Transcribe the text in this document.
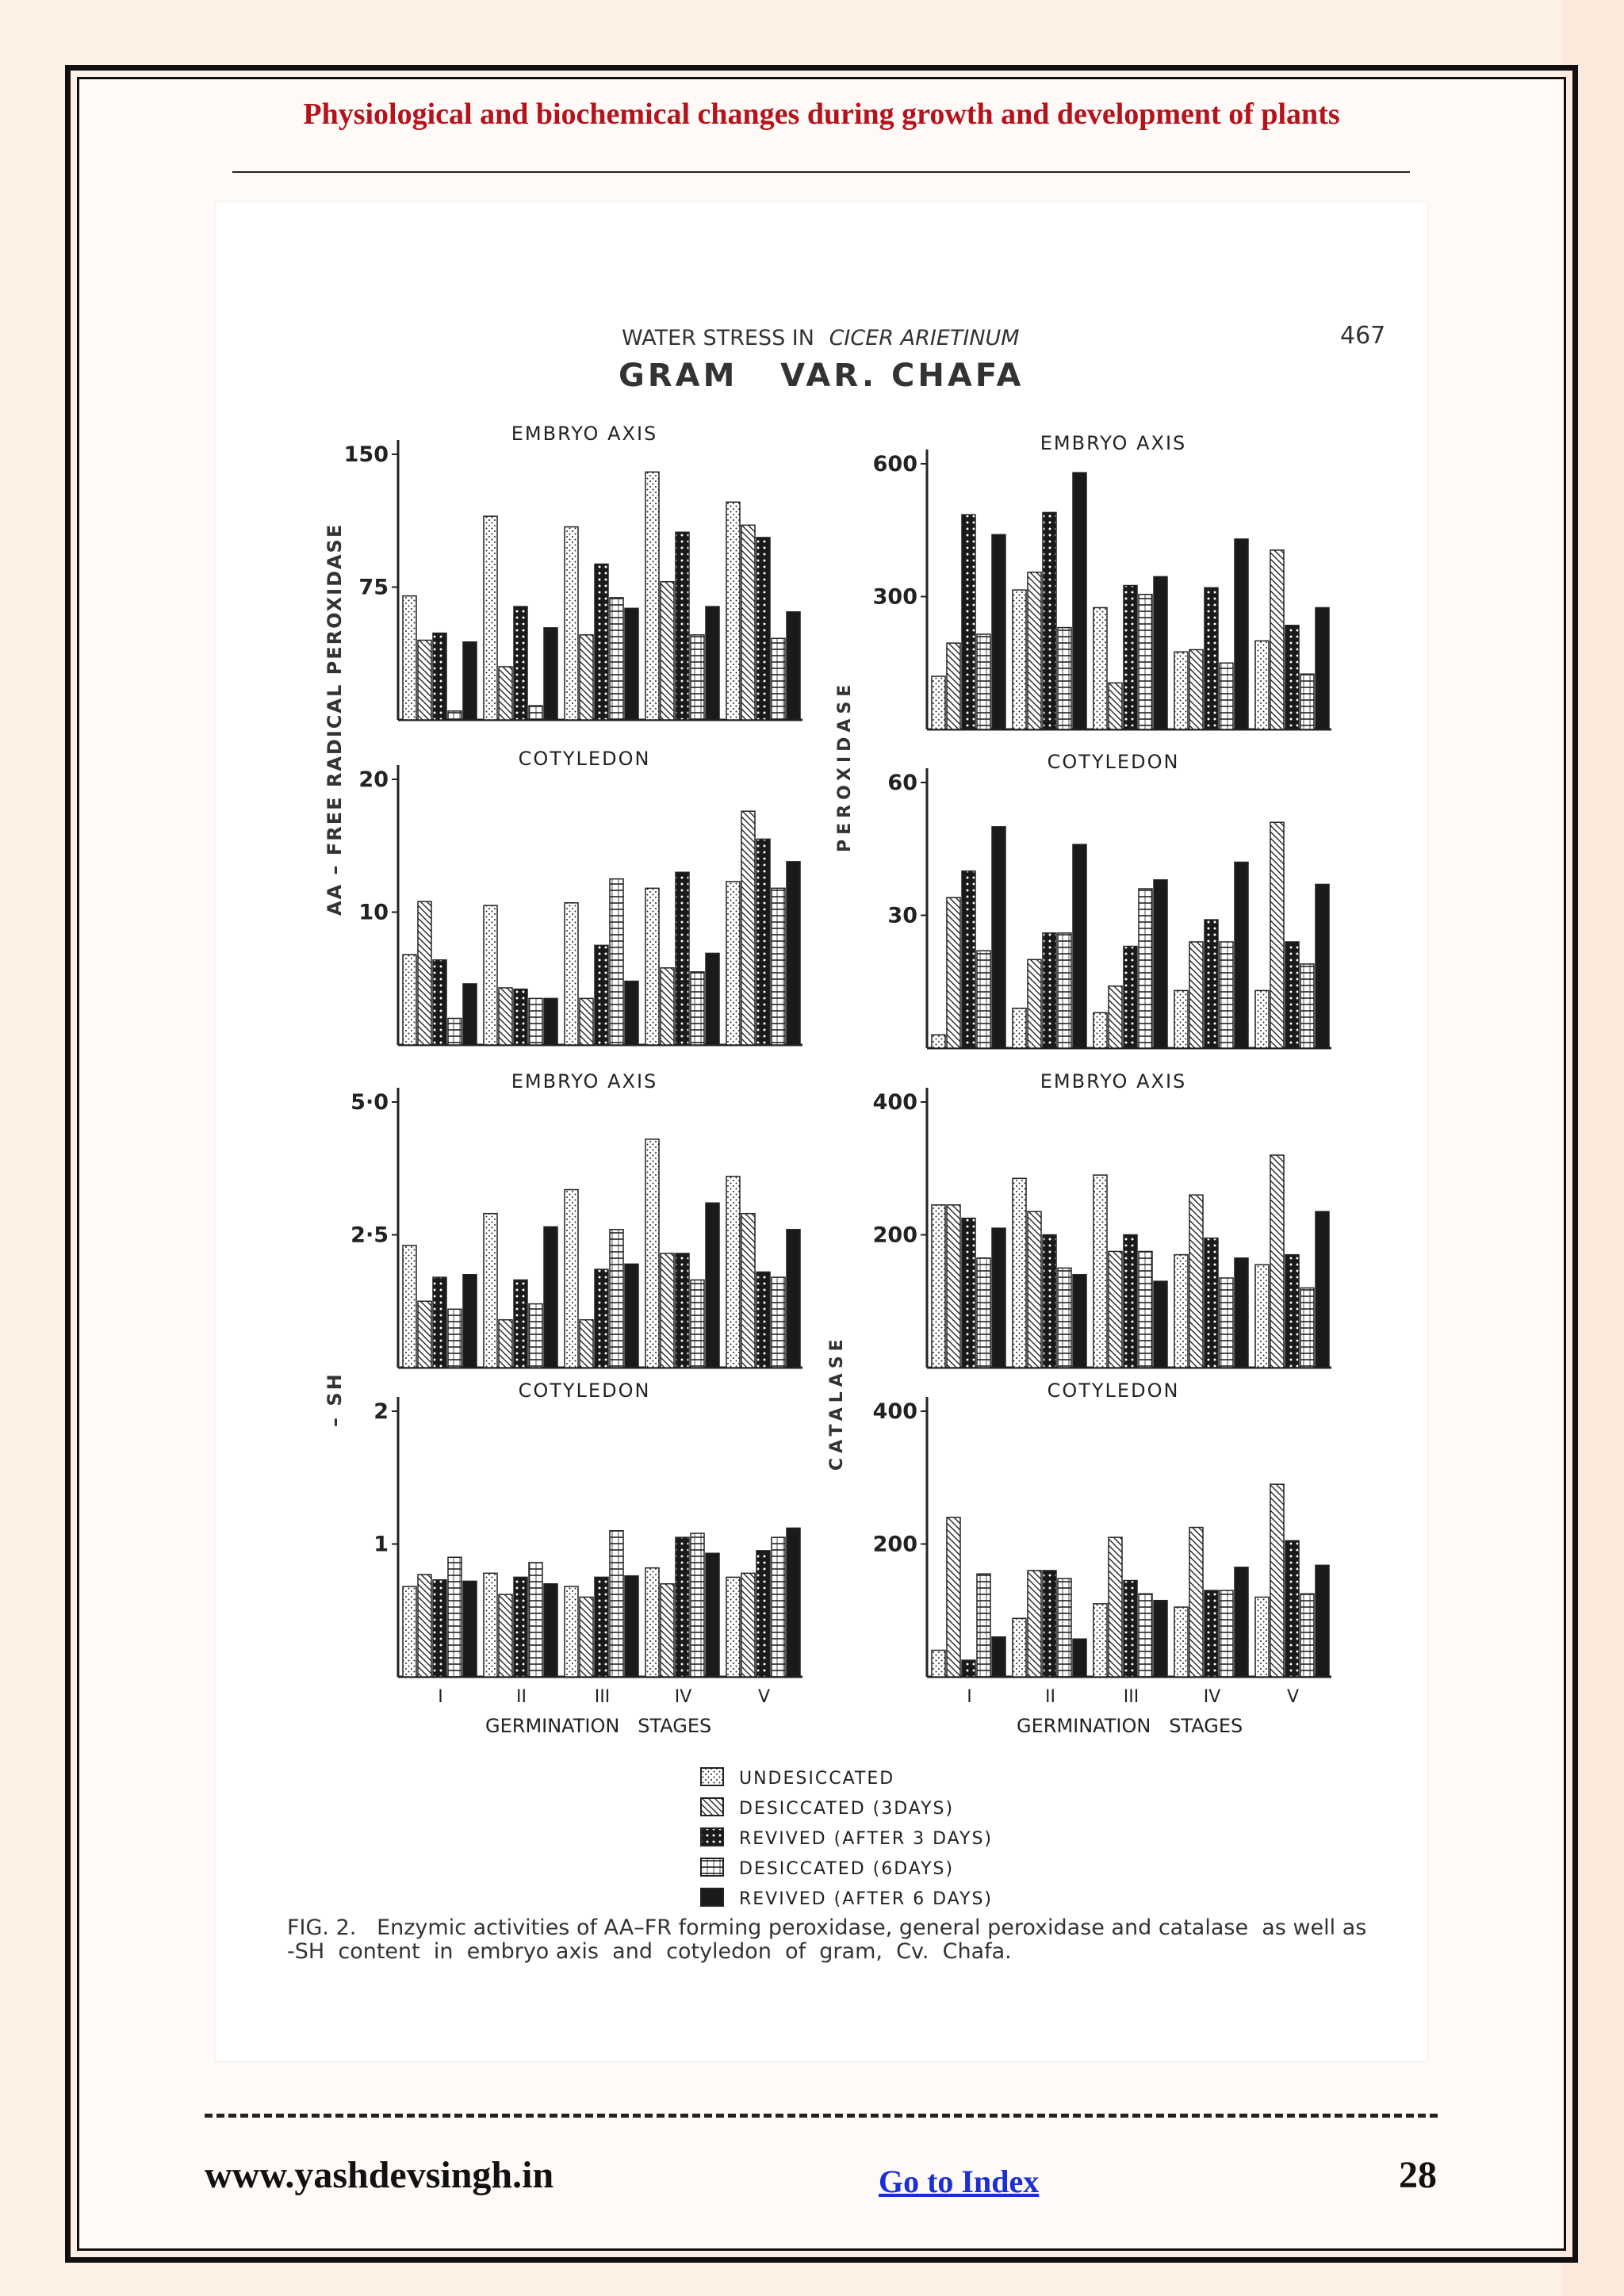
Physiological and biochemical changes during growth and development of plants
WATER STRESS IN CICER ARIETINUM	467
GRAM   VAR. CHAFA
EMBRYO AXIS
150
75
EMBRYO AXIS
600
300
COTYLEDON
20
10
COTYLEDON
60
30
EMBRYO AXIS
5·0
2·5
EMBRYO AXIS
400
200
COTYLEDON
2
1
I	II	III	IV	V
COTYLEDON
400
200
I	II	III	IV	V
AA – FREE RADICAL PEROXIDASE	PEROXIDASE
– SH	CATALASE
GERMINATION   STAGES	GERMINATION   STAGES
UNDESICCATED
DESICCATED (3DAYS)
REVIVED (AFTER 3 DAYS)
DESICCATED (6DAYS)
REVIVED (AFTER 6 DAYS)
FIG. 2.   Enzymic activities of AA–FR forming peroxidase, general peroxidase and catalase  as well as
-SH  content  in  embryo axis  and  cotyledon  of  gram,  Cv.  Chafa.
www.yashdevsingh.in	Go to Index	28
